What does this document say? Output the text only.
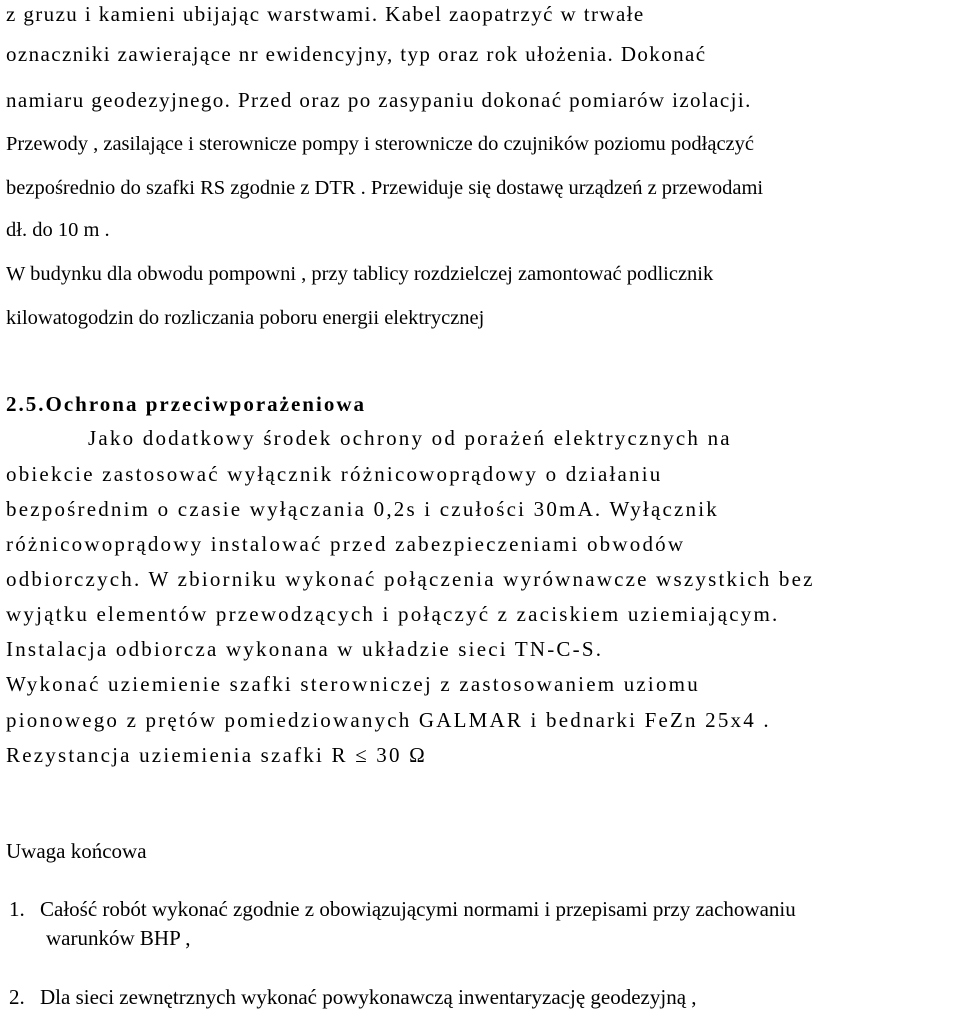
z gruzu i kamieni ubijając warstwami. Kabel zaopatrzyć w trwałe
oznaczniki zawierające nr ewidencyjny, typ oraz rok ułożenia. Dokonać
namiaru geodezyjnego. Przed oraz po zasypaniu dokonać pomiarów izolacji.
Przewody , zasilające i sterownicze pompy i sterownicze do czujników poziomu podłączyć
bezpośrednio do szafki RS zgodnie z DTR . Przewiduje się dostawę urządzeń z przewodami
dł. do 10 m .
W budynku dla obwodu pompowni , przy tablicy rozdzielczej zamontować podlicznik
kilowatogodzin do rozliczania poboru energii elektrycznej
2.5.Ochrona przeciwporażeniowa
Jako dodatkowy środek ochrony od porażeń elektrycznych na
obiekcie zastosować wyłącznik różnicowoprądowy o działaniu
bezpośrednim o czasie wyłączania 0,2s i czułości 30mA. Wyłącznik
różnicowoprądowy instalować przed zabezpieczeniami obwodów
odbiorczych. W zbiorniku wykonać połączenia wyrównawcze wszystkich bez
wyjątku elementów przewodzących i połączyć z zaciskiem uziemiającym.
Instalacja odbiorcza wykonana w układzie sieci TN-C-S.
Wykonać uziemienie szafki sterowniczej z zastosowaniem uziomu
pionowego z prętów pomiedziowanych GALMAR i bednarki FeZn 25x4 .
Rezystancja uziemienia szafki R ≤ 30 Ω
Uwaga końcowa
1. Całość robót wykonać zgodnie z obowiązującymi normami i przepisami przy zachowaniu
warunków BHP ,
2. Dla sieci zewnętrznych wykonać powykonawczą inwentaryzację geodezyjną ,
